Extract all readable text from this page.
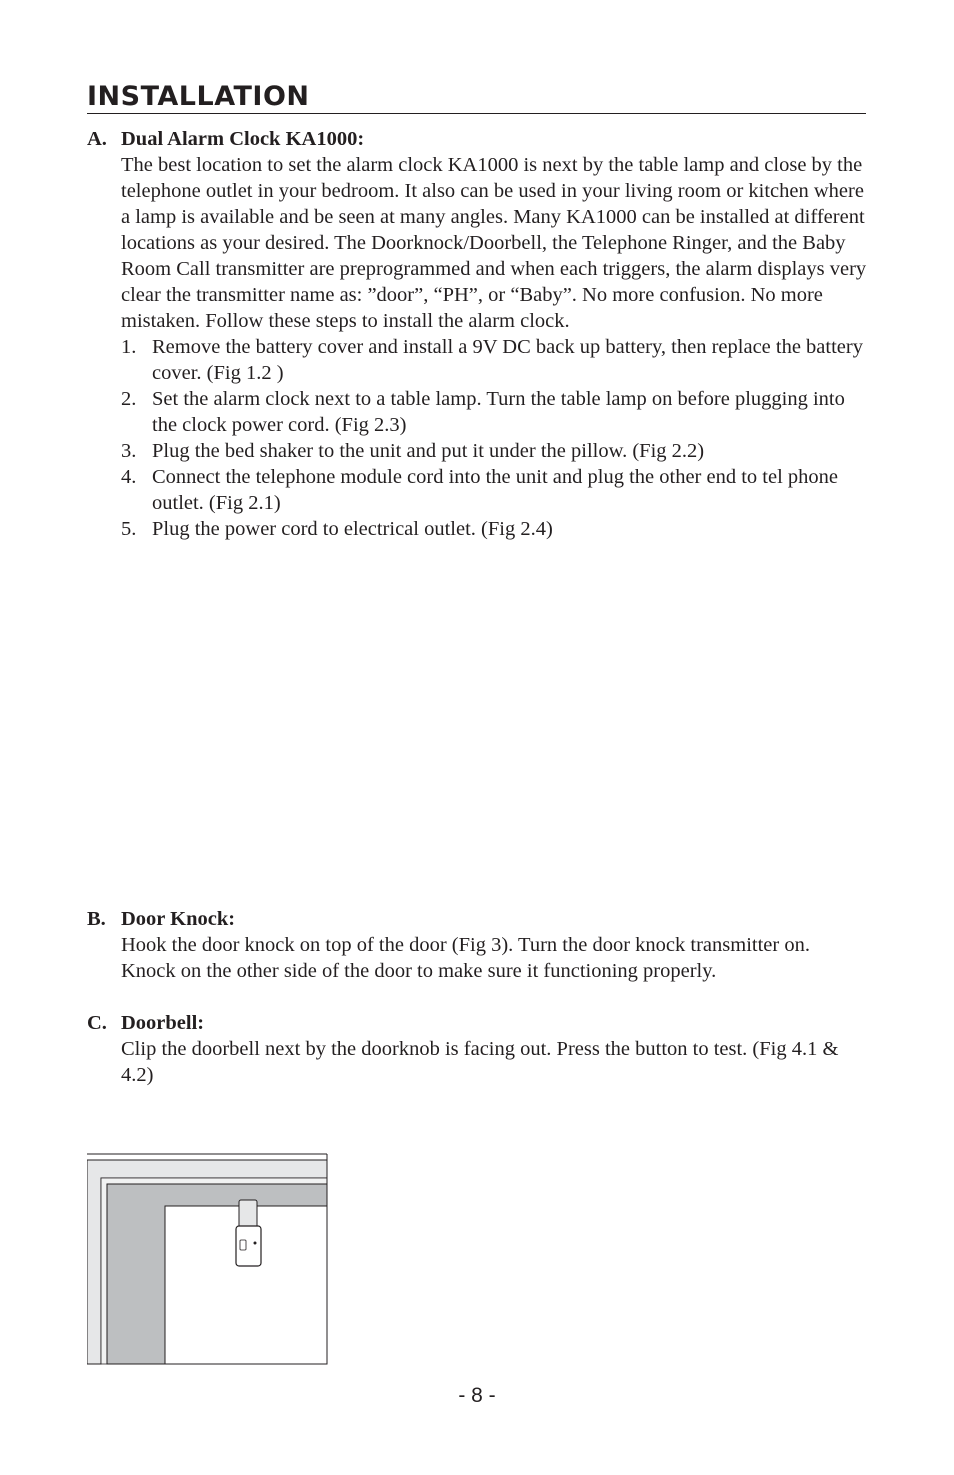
INSTALLATION
A. Dual Alarm Clock KA1000:

The best location to set the alarm clock KA1000 is next by the table lamp and close by the telephone outlet in your bedroom. It also can be used in your living room or kitchen where a lamp is available and be seen at many angles. Many KA1000 can be installed at different locations as your desired. The Doorknock/Doorbell, the Telephone Ringer, and the Baby Room Call transmitter are preprogrammed and when each triggers, the alarm displays very clear the transmitter name as: ”door”, “PH”, or “Baby”. No more confusion. No more mistaken. Follow these steps to install the alarm clock.

1. Remove the battery cover and install a 9V DC back up battery, then replace the battery cover. (Fig 1.2 )
2. Set the alarm clock next to a table lamp. Turn the table lamp on before plugging into the clock power cord. (Fig 2.3)
3. Plug the bed shaker to the unit and put it under the pillow. (Fig 2.2)
4. Connect the telephone module cord into the unit and plug the other end to tel phone outlet. (Fig 2.1)
5. Plug the power cord to electrical outlet. (Fig 2.4)
B. Door Knock:

Hook the door knock on top of the door (Fig 3). Turn the door knock transmitter on. Knock on the other side of the door to make sure it functioning properly.

C. Doorbell:

Clip the doorbell next by the doorknob is facing out. Press the button to test. (Fig 4.1 & 4.2)

- 8 -
